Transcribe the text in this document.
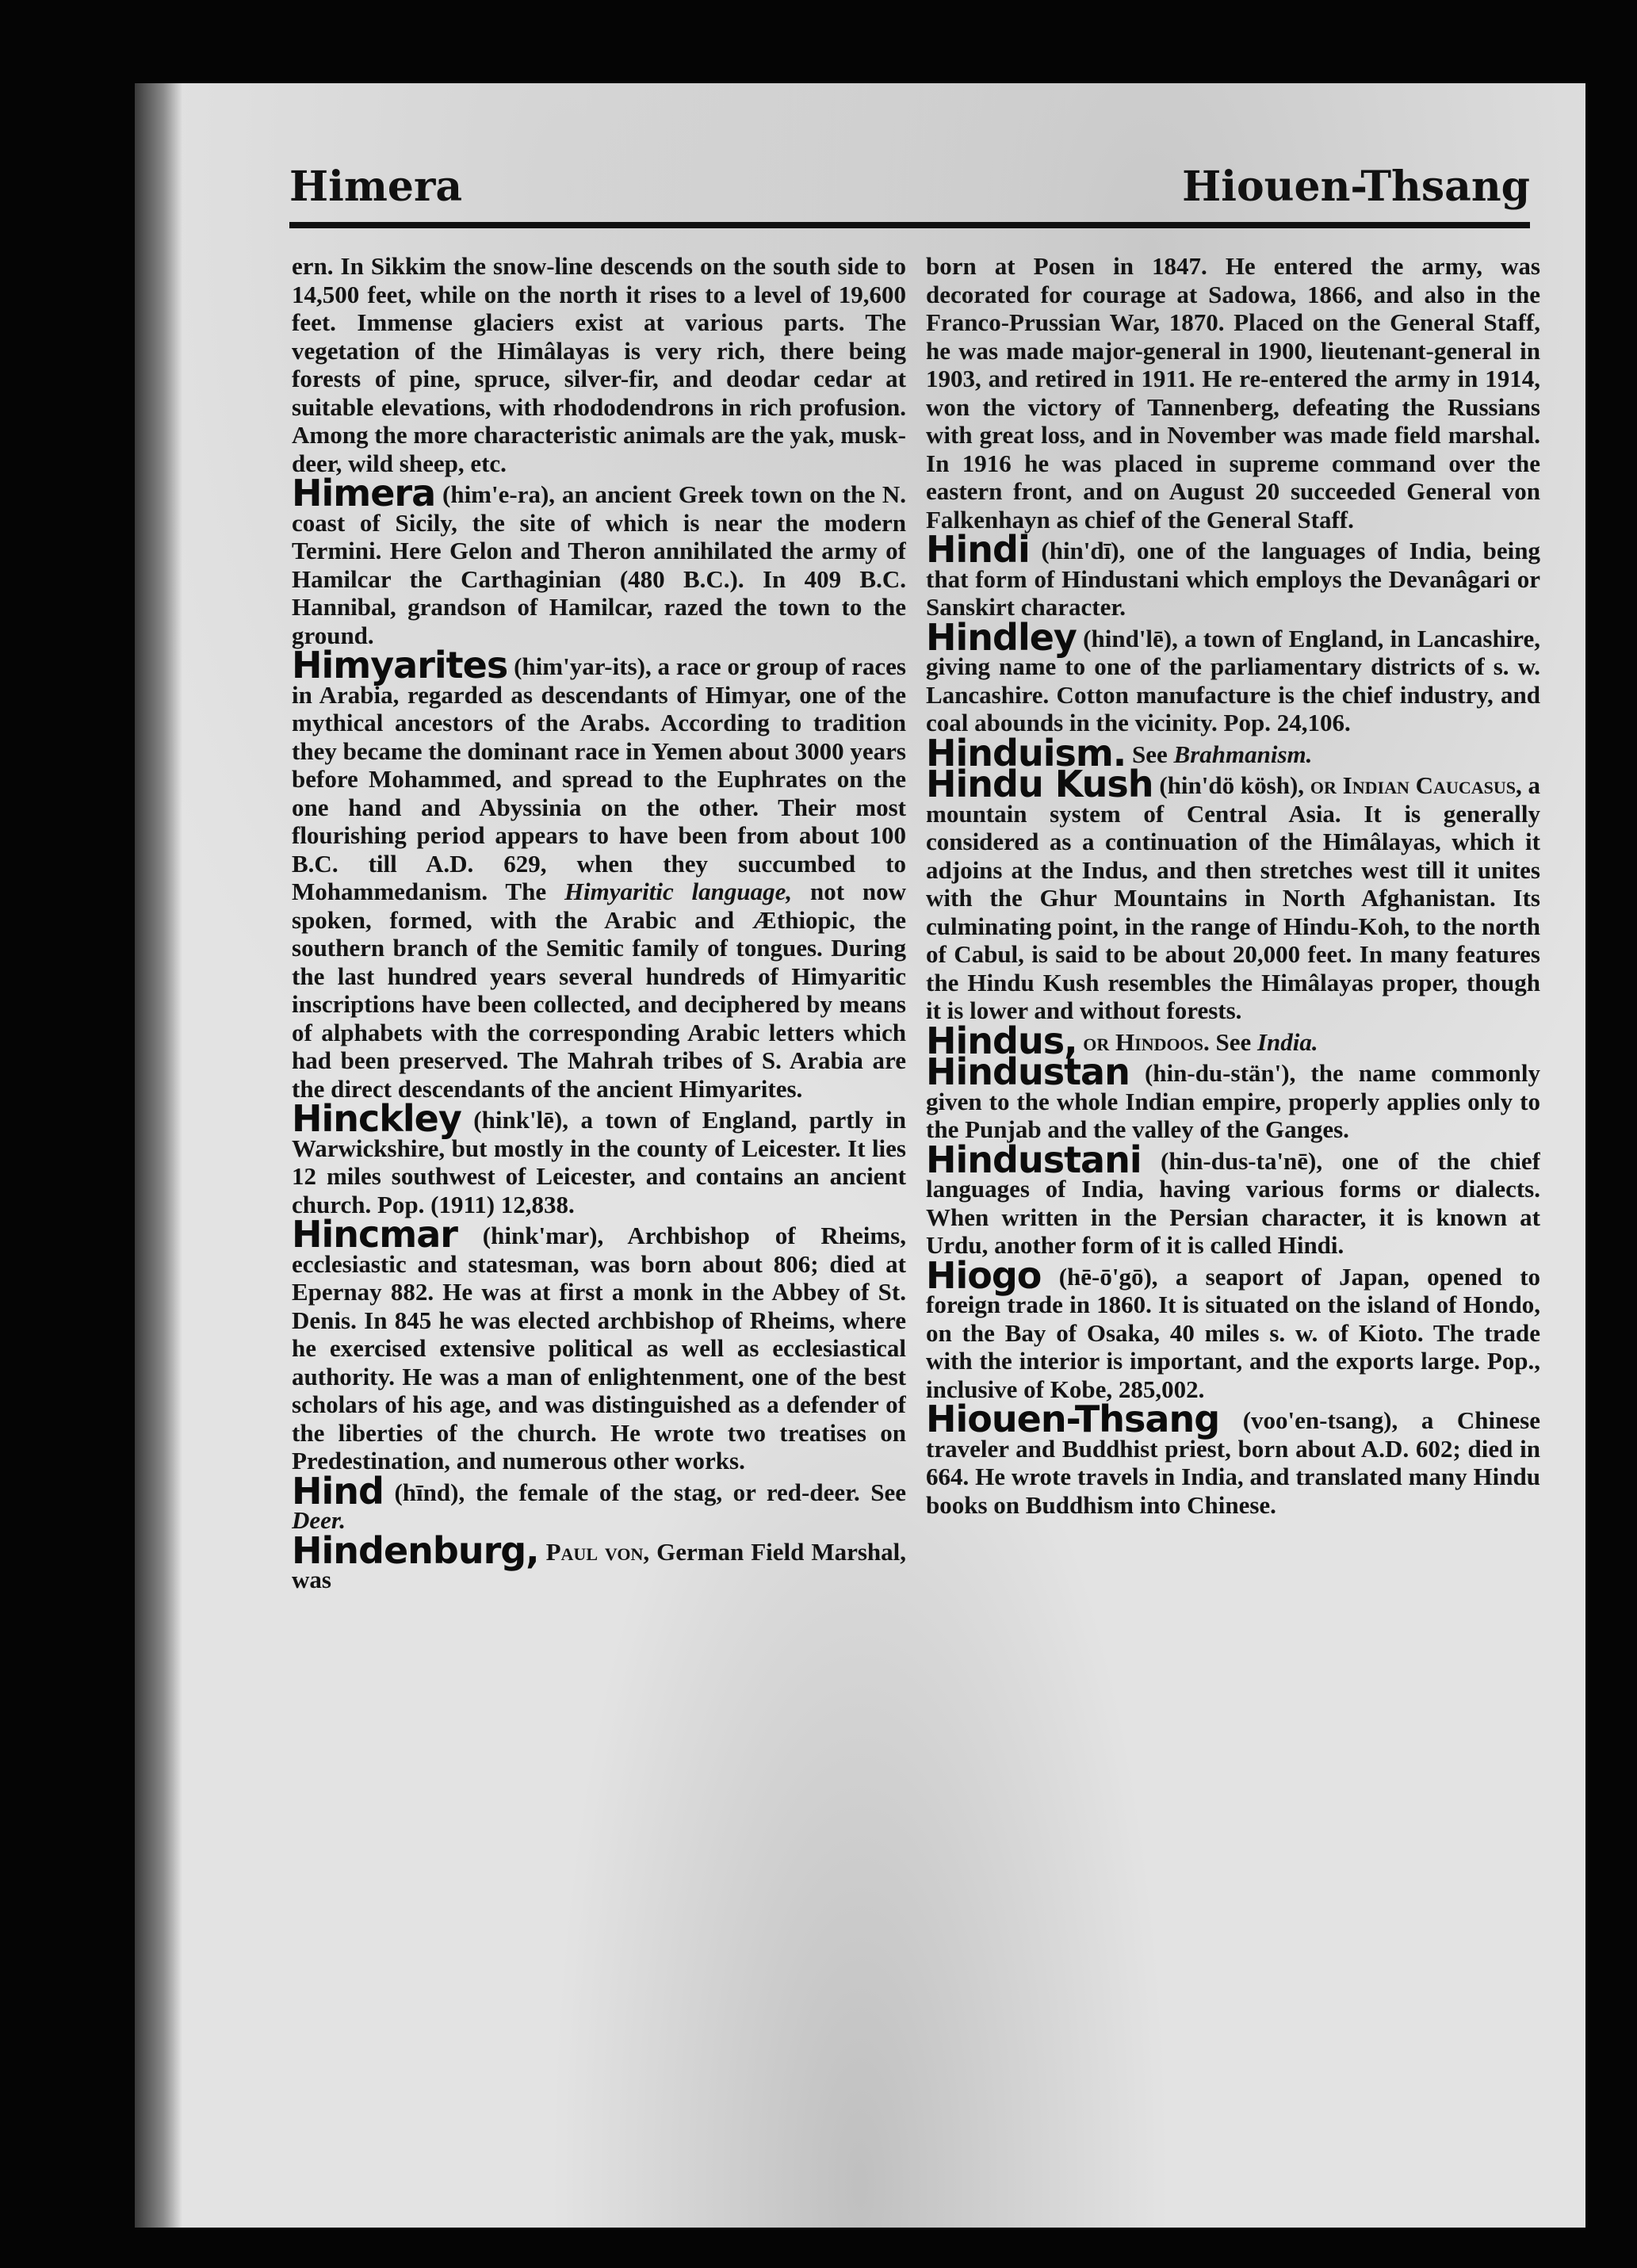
Himera	Hiouen-Thsang

ern. In Sikkim the snow-line descends on the south side to 14,500 feet, while on the north it rises to a level of 19,600 feet. Immense glaciers exist at various parts. The vegetation of the Himâlayas is very rich, there being forests of pine, spruce, silver-fir, and deodar cedar at suitable elevations, with rhododendrons in rich profusion. Among the more characteristic animals are the yak, musk-deer, wild sheep, etc.

Himera (him'e-ra), an ancient Greek town on the N. coast of Sicily, the site of which is near the modern Termini. Here Gelon and Theron annihilated the army of Hamilcar the Carthaginian (480 B.C.). In 409 B.C. Hannibal, grandson of Hamilcar, razed the town to the ground.

Himyarites (him'yar-its), a race or group of races in Arabia, regarded as descendants of Himyar, one of the mythical ancestors of the Arabs. According to tradition they became the dominant race in Yemen about 3000 years before Mohammed, and spread to the Euphrates on the one hand and Abyssinia on the other. Their most flourishing period appears to have been from about 100 B.C. till A.D. 629, when they succumbed to Mohammedanism. The Himyaritic language, not now spoken, formed, with the Arabic and Æthiopic, the southern branch of the Semitic family of tongues. During the last hundred years several hundreds of Himyaritic inscriptions have been collected, and deciphered by means of alphabets with the corresponding Arabic letters which had been preserved. The Mahrah tribes of S. Arabia are the direct descendants of the ancient Himyarites.

Hinckley (hink'lē), a town of England, partly in Warwickshire, but mostly in the county of Leicester. It lies 12 miles southwest of Leicester, and contains an ancient church. Pop. (1911) 12,838.

Hincmar (hink'mar), Archbishop of Rheims, ecclesiastic and statesman, was born about 806; died at Epernay 882. He was at first a monk in the Abbey of St. Denis. In 845 he was elected archbishop of Rheims, where he exercised extensive political as well as ecclesiastical authority. He was a man of enlightenment, one of the best scholars of his age, and was distinguished as a defender of the liberties of the church. He wrote two treatises on Predestination, and numerous other works.

Hind (hīnd), the female of the stag, or red-deer. See Deer.

Hindenburg, Paul von, German Field Marshal, was

born at Posen in 1847. He entered the army, was decorated for courage at Sadowa, 1866, and also in the Franco-Prussian War, 1870. Placed on the General Staff, he was made major-general in 1900, lieutenant-general in 1903, and retired in 1911. He re-entered the army in 1914, won the victory of Tannenberg, defeating the Russians with great loss, and in November was made field marshal. In 1916 he was placed in supreme command over the eastern front, and on August 20 succeeded General von Falkenhayn as chief of the General Staff.

Hindi (hin'dī), one of the languages of India, being that form of Hindustani which employs the Devanâgari or Sanskirt character.

Hindley (hind'lē), a town of England, in Lancashire, giving name to one of the parliamentary districts of s. w. Lancashire. Cotton manufacture is the chief industry, and coal abounds in the vicinity. Pop. 24,106.

Hinduism. See Brahmanism.

Hindu Kush (hin'dö kösh), or Indian Caucasus, a mountain system of Central Asia. It is generally considered as a continuation of the Himâlayas, which it adjoins at the Indus, and then stretches west till it unites with the Ghur Mountains in North Afghanistan. Its culminating point, in the range of Hindu-Koh, to the north of Cabul, is said to be about 20,000 feet. In many features the Hindu Kush resembles the Himâlayas proper, though it is lower and without forests.

Hindus, or Hindoos. See India.

Hindustan (hin-du-stän'), the name commonly given to the whole Indian empire, properly applies only to the Punjab and the valley of the Ganges.

Hindustani (hin-dus-ta'nē), one of the chief languages of India, having various forms or dialects. When written in the Persian character, it is known at Urdu, another form of it is called Hindi.

Hiogo (hē-ō'gō), a seaport of Japan, opened to foreign trade in 1860. It is situated on the island of Hondo, on the Bay of Osaka, 40 miles s. w. of Kioto. The trade with the interior is important, and the exports large. Pop., inclusive of Kobe, 285,002.

Hiouen-Thsang (voo'en-tsang), a Chinese traveler and Buddhist priest, born about A.D. 602; died in 664. He wrote travels in India, and translated many Hindu books on Buddhism into Chinese.
